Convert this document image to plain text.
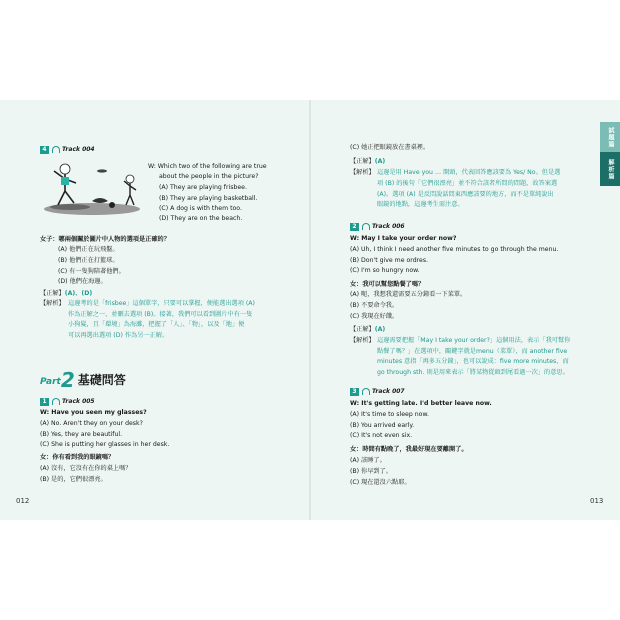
4	Track 004
W: Which two of the following are true
about the people in the picture?
(A) They are playing frisbee.
(B) They are playing basketball.
(C) A dog is with them too.
(D) They are on the beach.
女子：哪兩個關於圖片中人物的選項是正確的？
(A) 他們正在玩飛盤。
(B) 他們正在打籃球。
(C) 有一隻狗陪著他們。
(D) 他們在海邊。
【正解】(A)、(D)
【解析】 這邊考的是「frisbee」這個單字，只要可以掌握，便能選出選項 (A)
作為正解之一，並刪去選項 (B)。接著，我們可以看到圖片中有一隻
小狗髮，且「環境」為海灘，把握了「人」、「物」，以及「地」便
可以再選出選項 (D) 作為另一正解。
Part2 基礎問答
1	Track 005
W: Have you seen my glasses?
(A) No. Aren't they on your desk?
(B) Yes, they are beautiful.
(C) She is putting her glasses in her desk.
女：你有看到我的眼鏡嗎？
(A) 沒有，它沒有在你的桌上嗎？
(B) 是的，它們很漂亮。
012
試題篇
解析篇
(C) 她正把眼鏡放在書桌裡。
【正解】(A)
【解析】 這邊是用 Have you … 開頭，代表回答應該要為 Yes/ No。但是選
項 (B) 的後句「它們很漂亮」並不符合該者所問的問題，故答案選
(A)。選項 (A) 是反問說話問東西應該要的地方，而不是單純說出
眼鏡的地點，這邊考生需注意。
2	Track 006
W: May I take your order now?
(A) Uh, I think I need another five minutes to go through the menu.
(B) Don't give me ordres.
(C) I'm so hungry now.
女：我可以幫您點餐了嗎？
(A) 呃，我想我還需要五分鐘看一下菜單。
(B) 不要命令我。
(C) 我現在好餓。
【正解】(A)
【解析】 這邊需要把握「May I take your order?」這個用法，表示「我可幫你
點餐了嗎？」在選項中，關鍵字就是menu（菜單），而 another five
minutes 意指「再多五分鐘」，也可以說成：five more minutes，而
go through sth. 則是用來表示「將某物從頭到尾看過一次」的意思。
3	Track 007
W: It's getting late. I'd better leave now.
(A) It's time to sleep now.
(B) You arrived early.
(C) It's not even six.
女：時間有點晚了，我最好現在要離開了。
(A) 該睡了。
(B) 你早到了。
(C) 現在還沒六點耶。
013
